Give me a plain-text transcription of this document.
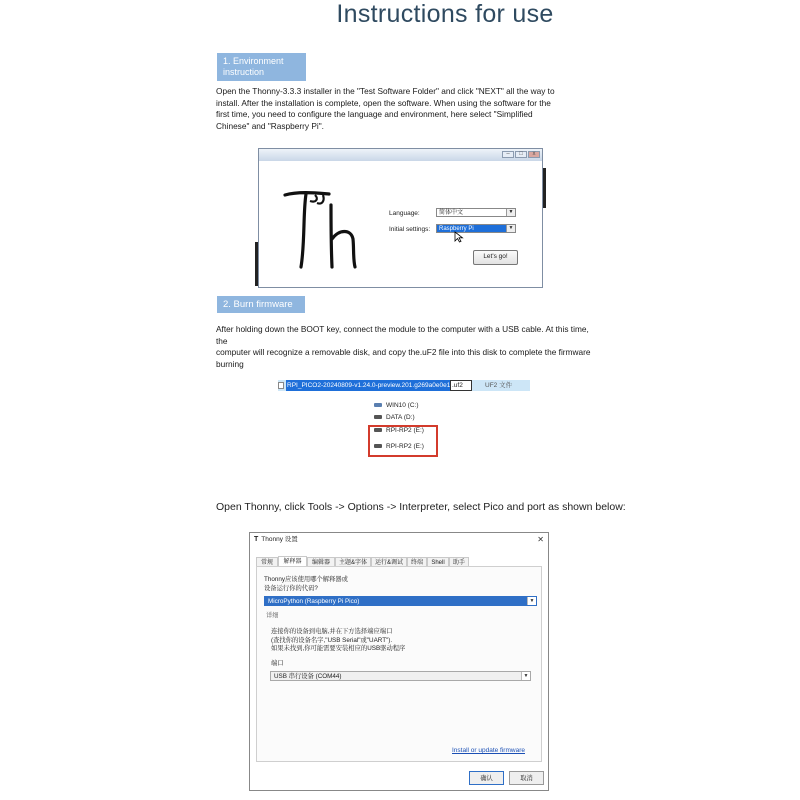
Instructions for use
1. Environment
instruction
Open the Thonny-3.3.3 installer in the "Test Software Folder" and click "NEXT" all the way to
install. After the installation is complete, open the software. When using the software for the
first time, you need to configure the language and environment, here select "Simplified
Chinese" and "Raspberry Pi".
–	□	x
Language:	简体中文	▼
Initial settings:	Raspberry Pi	▼
Let's go!
2. Burn firmware
After holding down the BOOT key, connect the module to the computer with a USB cable. At this time, the
computer will recognize a removable disk, and copy the.uF2 file into this disk to complete the firmware
burning
RPI_PICO2-20240809-v1.24.0-preview.201.g269a0e0e1 .uf2	UF2 文件
WIN10 (C:)
DATA (D:)
RPI-RP2 (E:)
RPI-RP2 (E:)
Open Thonny, click Tools -> Options -> Interpreter, select Pico and port as shown below:
T Thonny 设置	✕
常规	解释器	编辑器	主题&字体	运行&调试	终端	Shell	助手
Thonny应该使用哪个解释器或
设备运行你的代码?
MicroPython (Raspberry Pi Pico)	▼
详细
连接你的设备到电脑,并在下方选择端应端口
(查找你的设备名字,"USB Serial"或"UART").
如果未找到,你可能需要安装相应的USB驱动程序
端口
USB 串行设备 (COM44)	▼
Install or update firmware
确认	取消
